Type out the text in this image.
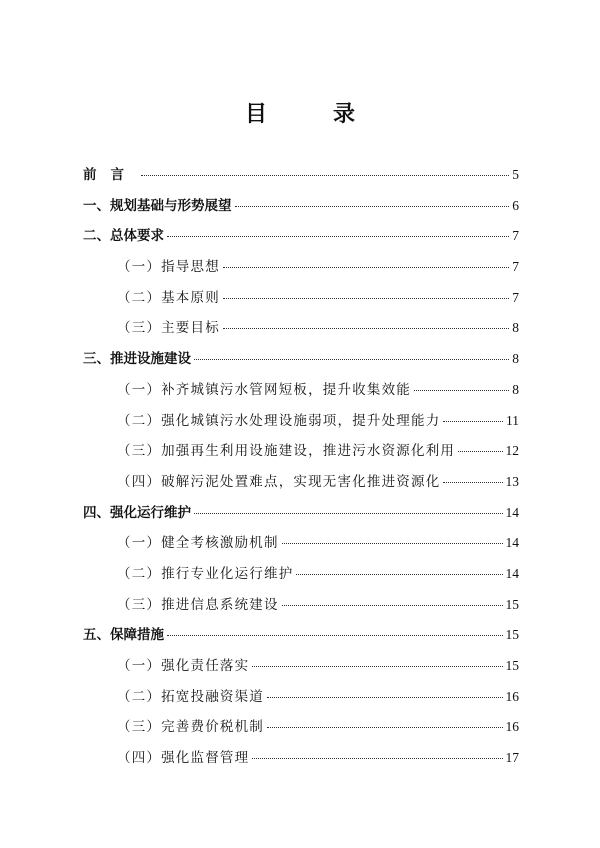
目　录
前言	5
一、规划基础与形势展望	6
二、总体要求	7
（一）指导思想	7
（二）基本原则	7
（三）主要目标	8
三、推进设施建设	8
（一）补齐城镇污水管网短板，提升收集效能	8
（二）强化城镇污水处理设施弱项，提升处理能力	11
（三）加强再生利用设施建设，推进污水资源化利用	12
（四）破解污泥处置难点，实现无害化推进资源化	13
四、强化运行维护	14
（一）健全考核激励机制	14
（二）推行专业化运行维护	14
（三）推进信息系统建设	15
五、保障措施	15
（一）强化责任落实	15
（二）拓宽投融资渠道	16
（三）完善费价税机制	16
（四）强化监督管理	17
